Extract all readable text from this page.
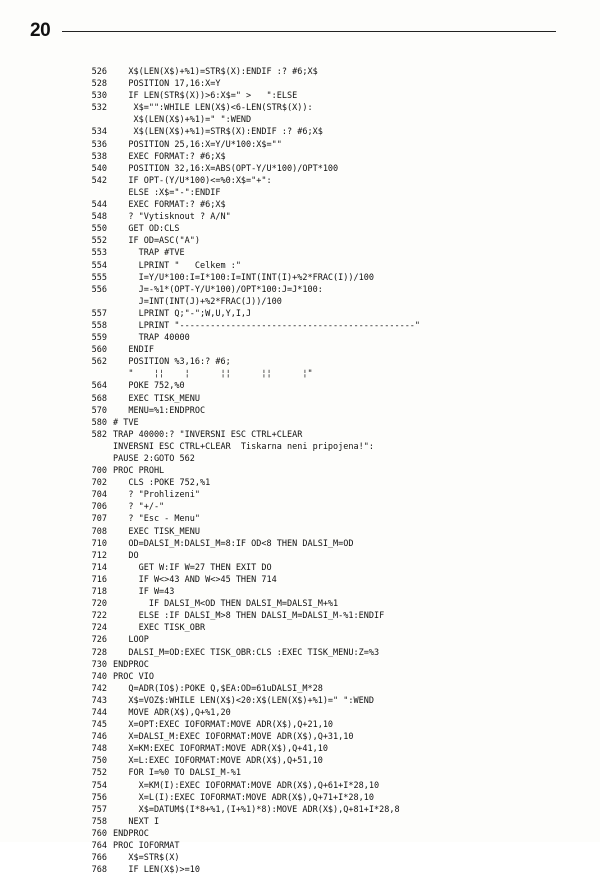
20
526 X$(LEN(X$)+%1)=STR$(X):ENDIF :? #6;X$
528 POSITION 17,16:X=Y
530 IF LEN(STR$(X))>6:X$=" >   ":ELSE
532 X$="":WHILE LEN(X$)<6-LEN(STR$(X)):
X$(LEN(X$)+%1)=" ":WEND
534 X$(LEN(X$)+%1)=STR$(X):ENDIF :? #6;X$
536 POSITION 25,16:X=Y/U*100:X$=""
538 EXEC FORMAT:? #6;X$
540 POSITION 32,16:X=ABS(OPT-Y/U*100)/OPT*100
542 IF OPT-(Y/U*100)<=%0:X$="+":
ELSE :X$="-":ENDIF
544 EXEC FORMAT:? #6;X$
548 ? "Vytisknout ? A/N"
550 GET OD:CLS
552 IF OD=ASC("A")
553 TRAP #TVE
554 LPRINT "   Celkem :"
555 I=Y/U*100:I=I*100:I=INT(INT(I)+%2*FRAC(I))/100
556 J=-%1*(OPT-Y/U*100)/OPT*100:J=J*100:
J=INT(INT(J)+%2*FRAC(J))/100
557 LPRINT Q;"-";W,U,Y,I,J
558 LPRINT "----------------------------------------------"
559 TRAP 40000
560 ENDIF
562 POSITION %3,16:? #6;
"    ¦¦    ¦      ¦¦      ¦¦      ¦"
564 POKE 752,%0
568 EXEC TISK_MENU
570 MENU=%1:ENDPROC
580 # TVE
582 TRAP 40000:? "INVERSNI ESC CTRL+CLEAR
INVERSNI ESC CTRL+CLEAR  Tiskarna neni pripojena!":
PAUSE 2:GOTO 562
700 PROC PROHL
702 CLS :POKE 752,%1
704 ? "Prohlizeni"
706 ? "+/-"
707 ? "Esc - Menu"
708 EXEC TISK_MENU
710 OD=DALSI_M:DALSI_M=8:IF OD<8 THEN DALSI_M=OD
712 DO
714 GET W:IF W=27 THEN EXIT DO
716 IF W<>43 AND W<>45 THEN 714
718 IF W=43
720 IF DALSI_M<OD THEN DALSI_M=DALSI_M+%1
722 ELSE :IF DALSI_M>8 THEN DALSI_M=DALSI_M-%1:ENDIF
724 EXEC TISK_OBR
726 LOOP
728 DALSI_M=OD:EXEC TISK_OBR:CLS :EXEC TISK_MENU:Z=%3
730 ENDPROC
740 PROC VIO
742 Q=ADR(IO$):POKE Q,$EA:OD=61uDALSI_M*28
743 X$=VOZ$:WHILE LEN(X$)<20:X$(LEN(X$)+%1)=" ":WEND
744 MOVE ADR(X$),Q+%1,20
745 X=OPT:EXEC IOFORMAT:MOVE ADR(X$),Q+21,10
746 X=DALSI_M:EXEC IOFORMAT:MOVE ADR(X$),Q+31,10
748 X=KM:EXEC IOFORMAT:MOVE ADR(X$),Q+41,10
750 X=L:EXEC IOFORMAT:MOVE ADR(X$),Q+51,10
752 FOR I=%0 TO DALSI_M-%1
754 X=KM(I):EXEC IOFORMAT:MOVE ADR(X$),Q+61+I*28,10
756 X=L(I):EXEC IOFORMAT:MOVE ADR(X$),Q+71+I*28,10
757 X$=DATUM$(I*8+%1,(I+%1)*8):MOVE ADR(X$),Q+81+I*28,8
758 NEXT I
760 ENDPROC
764 PROC IOFORMAT
766 X$=STR$(X)
768 IF LEN(X$)>=10
